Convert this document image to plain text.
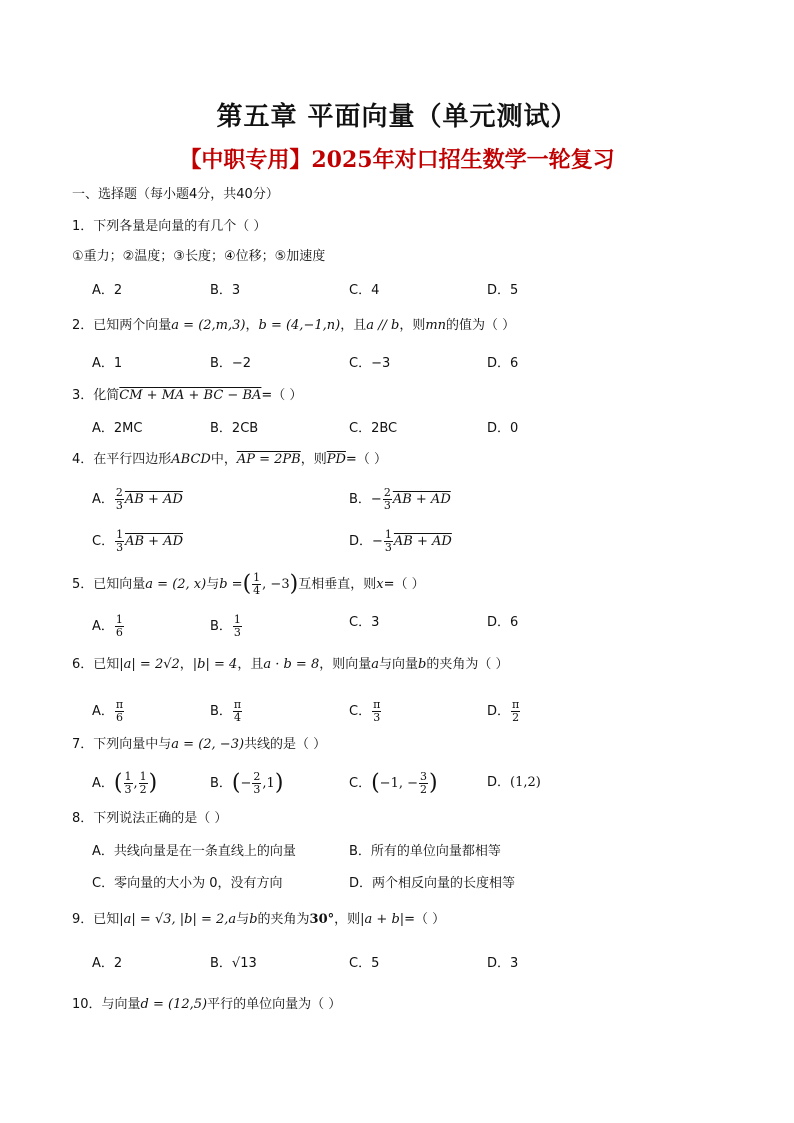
第五章 平面向量（单元测试）
【中职专用】2025年对口招生数学一轮复习
一、选择题（每小题4分，共40分）
1．下列各量是向量的有几个（ ）
①重力；②温度；③长度；④位移；⑤加速度
A．2	B．3	C．4	D．5
2．已知两个向量a = (2,m,3)，b = (4,−1,n)，且a // b，则mn的值为（ ）
A．1	B．−2	C．−3	D．6
3．化简CM + MA + BC − BA=（ ）
A．2MC	B．2CB	C．2BC	D．0
4．在平行四边形ABCD中，AP = 2PB，则$\overline{PD}=$（ ）
A． $\frac{2}{3}$ AB + AD	B．− $\frac{2}{3}$ AB + AD
C． $\frac{1}{3}$ AB + AD	D．− $\frac{1}{3}$ AB + AD
5．已知向量a = (2, x)与b =( $\frac{1}{4}$ , −3)互相垂直，则x=（ ）
A． $\frac{1}{6}$	B． $\frac{1}{3}$	C．3	D．6
6．已知|a| = 2√2，|b| = 4，且a · b = 8，则向量a与向量b的夹角为（ ）
A． $\frac{\pi}{6}$	B． $\frac{\pi}{4}$	C． $\frac{\pi}{3}$	D． $\frac{\pi}{2}$
7．下列向量中与a = (2, −3)共线的是（ ）
A．( $\frac{1}{3}$ , $\frac{1}{2}$ )	B．(− $\frac{2}{3} ,1$)	C．(−1, − $\frac{3}{2}$ )	D．(1,2)
8．下列说法正确的是（ ）
A．共线向量是在一条直线上的向量	B．所有的单位向量都相等
C．零向量的大小为 0，没有方向	D．两个相反向量的长度相等
9．已知|a| = √3, |b| = 2,a与b的夹角为30°，则|a + b|=（ ）
A．2	B．√13	C．5	D．3
10．与向量d = (12,5)平行的单位向量为（ ）
